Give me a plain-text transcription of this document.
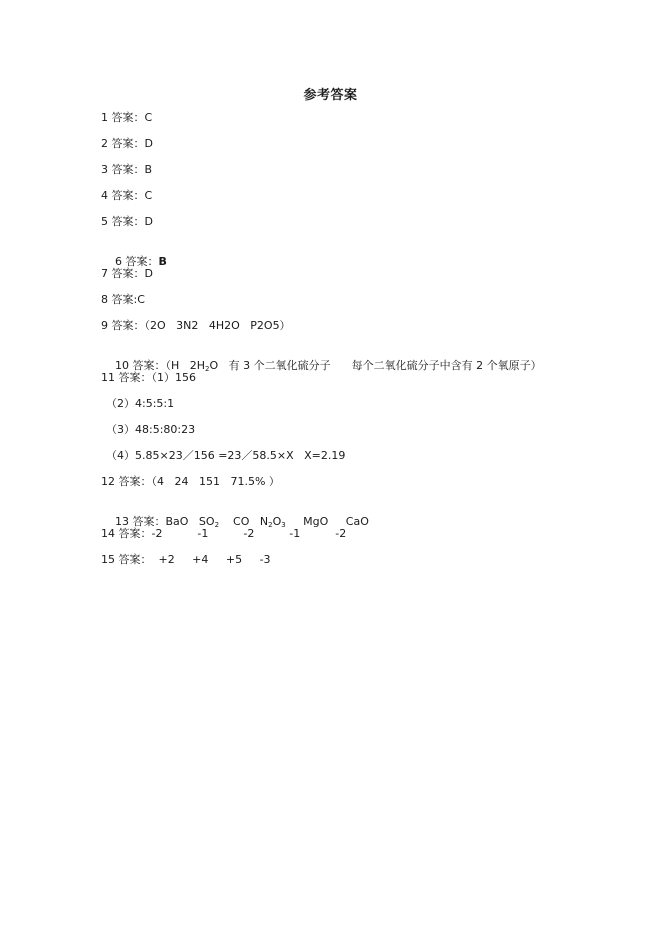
参考答案
1 答案：C
2 答案：D
3 答案：B
4 答案：C
5 答案：D

6 答案：B

7 答案：D
8 答案:C
9 答案：（2O   3N2   4H2O   P2O5）

10 答案：（H   $2H_2O$   有 3 个二氧化硫分子      每个二氧化硫分子中含有 2 个氧原子）

11 答案：（1）156
（2）4:5:5:1
（3）48:5:80:23
（4）5.85×23／156 =23／58.5×X   X=2.19
12 答案：（4   24   151   71.5% ）

13 答案：BaO   $SO_2$    CO   $N_2O_3$     MgO     CaO

14 答案：-2          -1          -2          -1          -2
15 答案：  +2     +4     +5     -3
